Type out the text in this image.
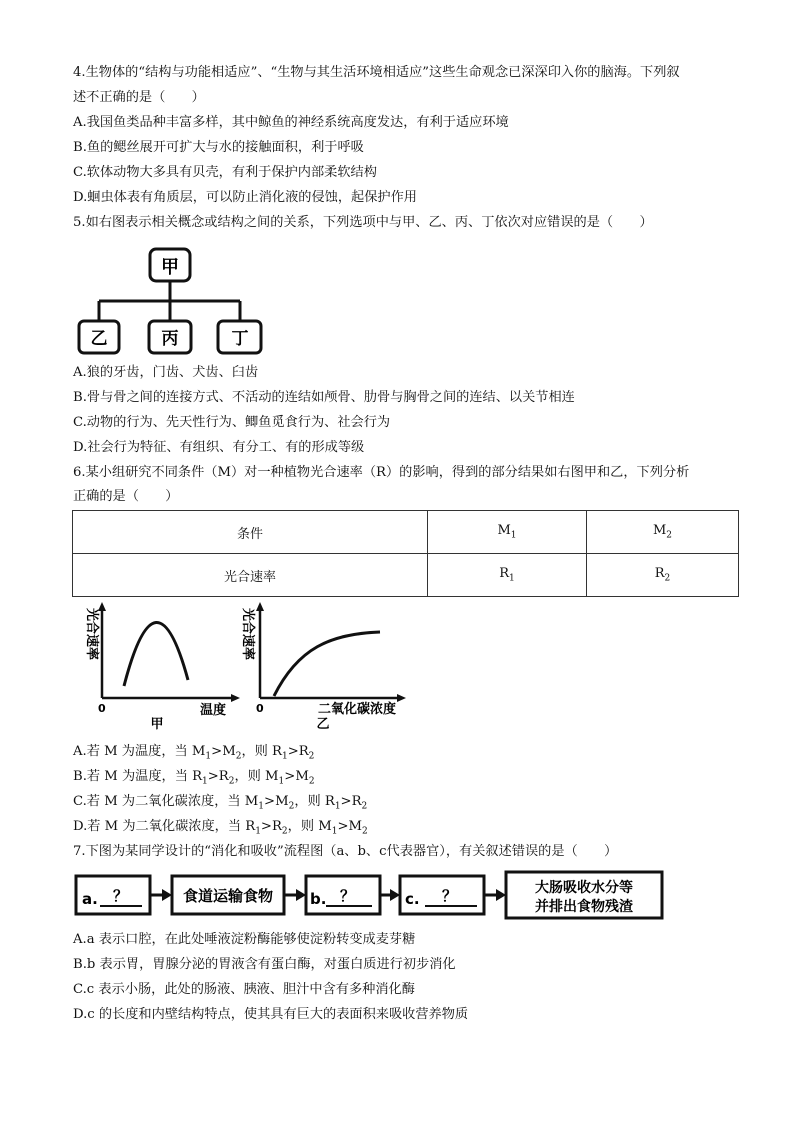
4.生物体的“结构与功能相适应”、“生物与其生活环境相适应”这些生命观念已深深印入你的脑海。下列叙
述不正确的是（　　）
A.我国鱼类品种丰富多样，其中鲸鱼的神经系统高度发达，有利于适应环境
B.鱼的鳃丝展开可扩大与水的接触面积，利于呼吸
C.软体动物大多具有贝壳，有利于保护内部柔软结构
D.蛔虫体表有角质层，可以防止消化液的侵蚀，起保护作用
5.如右图表示相关概念或结构之间的关系，下列选项中与甲、乙、丙、丁依次对应错误的是（　　）
甲
乙	丙	丁
A.狼的牙齿，门齿、犬齿、臼齿
B.骨与骨之间的连接方式、不活动的连结如颅骨、肋骨与胸骨之间的连结、以关节相连
C.动物的行为、先天性行为、鲫鱼觅食行为、社会行为
D.社会行为特征、有组织、有分工、有的形成等级
6.某小组研究不同条件（M）对一种植物光合速率（R）的影响，得到的部分结果如右图甲和乙，下列分析
正确的是（　　）
条件	$M_1$	$M_2$
光合速率	$R_1$	$R_2$
光合速率
0	温度
甲
光合速率
0	二氧化碳浓度
乙
A.若 M 为温度，当 $M_1>M_2$，则 $R_1>R_2$
B.若 M 为温度，当 $R_1>R_2$，则 $M_1>M_2$
C.若 M 为二氧化碳浓度，当 $M_1>M_2$，则 $R_1>R_2$
D.若 M 为二氧化碳浓度，当 $R_1>R_2$，则 $M_1>M_2$
7.下图为某同学设计的“消化和吸收”流程图（a、b、c代表器官），有关叙述错误的是（　　）
a. ？	食道运输食物 b. ？	c. ？	大肠吸收水分等
并排出食物残渣
A.a 表示口腔，在此处唾液淀粉酶能够使淀粉转变成麦芽糖
B.b 表示胃，胃腺分泌的胃液含有蛋白酶，对蛋白质进行初步消化
C.c 表示小肠，此处的肠液、胰液、胆汁中含有多种消化酶
D.c 的长度和内壁结构特点，使其具有巨大的表面积来吸收营养物质
